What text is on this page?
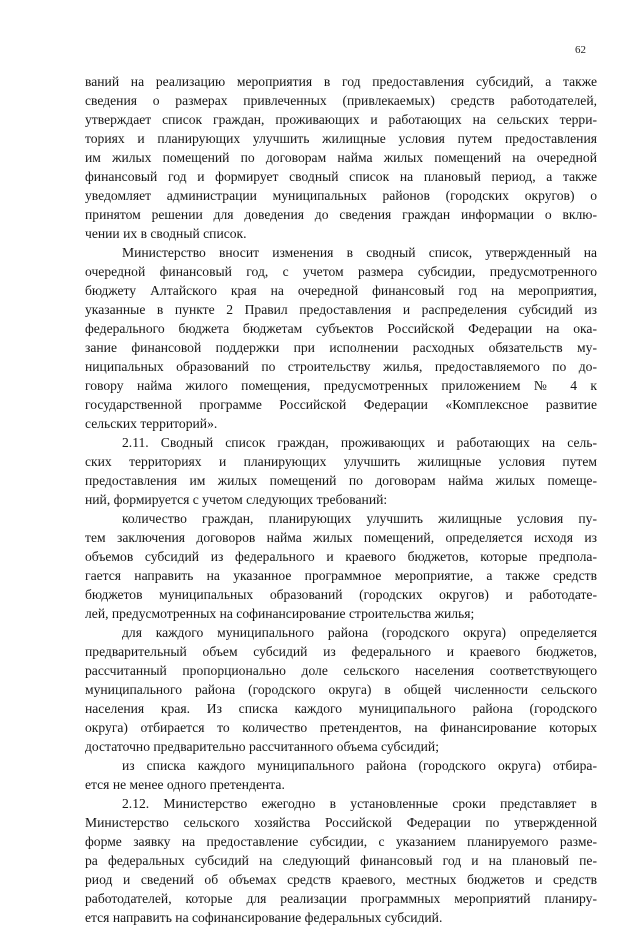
62
ваний на реализацию мероприятия в год предоставления субсидий, а также
сведения о размерах привлеченных (привлекаемых) средств работодателей,
утверждает список граждан, проживающих и работающих на сельских терри-
ториях и планирующих улучшить жилищные условия путем предоставления
им жилых помещений по договорам найма жилых помещений на очередной
финансовый год и формирует сводный список на плановый период, а также
уведомляет администрации муниципальных районов (городских округов) о
принятом решении для доведения до сведения граждан информации о вклю-
чении их в сводный список.
Министерство вносит изменения в сводный список, утвержденный на
очередной финансовый год, с учетом размера субсидии, предусмотренного
бюджету Алтайского края на очередной финансовый год на мероприятия,
указанные в пункте 2 Правил предоставления и распределения субсидий из
федерального бюджета бюджетам субъектов Российской Федерации на ока-
зание финансовой поддержки при исполнении расходных обязательств му-
ниципальных образований по строительству жилья, предоставляемого по до-
говору найма жилого помещения, предусмотренных приложением № 4 к
государственной программе Российской Федерации «Комплексное развитие
сельских территорий».
2.11. Сводный список граждан, проживающих и работающих на сель-
ских территориях и планирующих улучшить жилищные условия путем
предоставления им жилых помещений по договорам найма жилых помеще-
ний, формируется с учетом следующих требований:
количество граждан, планирующих улучшить жилищные условия пу-
тем заключения договоров найма жилых помещений, определяется исходя из
объемов субсидий из федерального и краевого бюджетов, которые предпола-
гается направить на указанное программное мероприятие, а также средств
бюджетов муниципальных образований (городских округов) и работодате-
лей, предусмотренных на софинансирование строительства жилья;
для каждого муниципального района (городского округа) определяется
предварительный объем субсидий из федерального и краевого бюджетов,
рассчитанный пропорционально доле сельского населения соответствующего
муниципального района (городского округа) в общей численности сельского
населения края. Из списка каждого муниципального района (городского
округа) отбирается то количество претендентов, на финансирование которых
достаточно предварительно рассчитанного объема субсидий;
из списка каждого муниципального района (городского округа) отбира-
ется не менее одного претендента.
2.12. Министерство ежегодно в установленные сроки представляет в
Министерство сельского хозяйства Российской Федерации по утвержденной
форме заявку на предоставление субсидии, с указанием планируемого разме-
ра федеральных субсидий на следующий финансовый год и на плановый пе-
риод и сведений об объемах средств краевого, местных бюджетов и средств
работодателей, которые для реализации программных мероприятий планиру-
ется направить на софинансирование федеральных субсидий.
